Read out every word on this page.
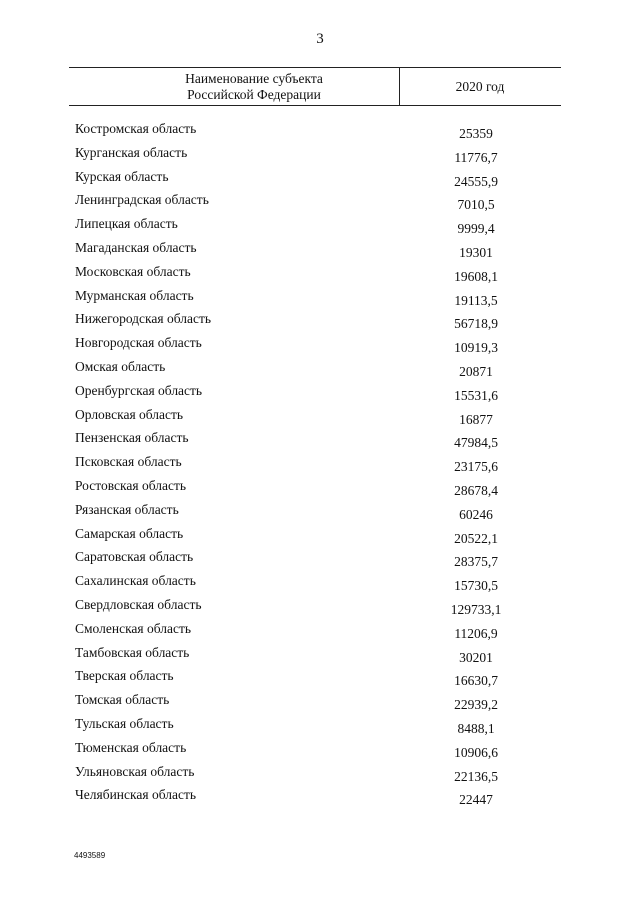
3
Наименование субъекта
Российской Федерации
2020 год
Костромская область	25359
Курганская область	11776,7
Курская область	24555,9
Ленинградская область	7010,5
Липецкая область	9999,4
Магаданская область	19301
Московская область	19608,1
Мурманская область	19113,5
Нижегородская область	56718,9
Новгородская область	10919,3
Омская область	20871
Оренбургская область	15531,6
Орловская область	16877
Пензенская область	47984,5
Псковская область	23175,6
Ростовская область	28678,4
Рязанская область	60246
Самарская область	20522,1
Саратовская область	28375,7
Сахалинская область	15730,5
Свердловская область	129733,1
Смоленская область	11206,9
Тамбовская область	30201
Тверская область	16630,7
Томская область	22939,2
Тульская область	8488,1
Тюменская область	10906,6
Ульяновская область	22136,5
Челябинская область	22447
4493589
